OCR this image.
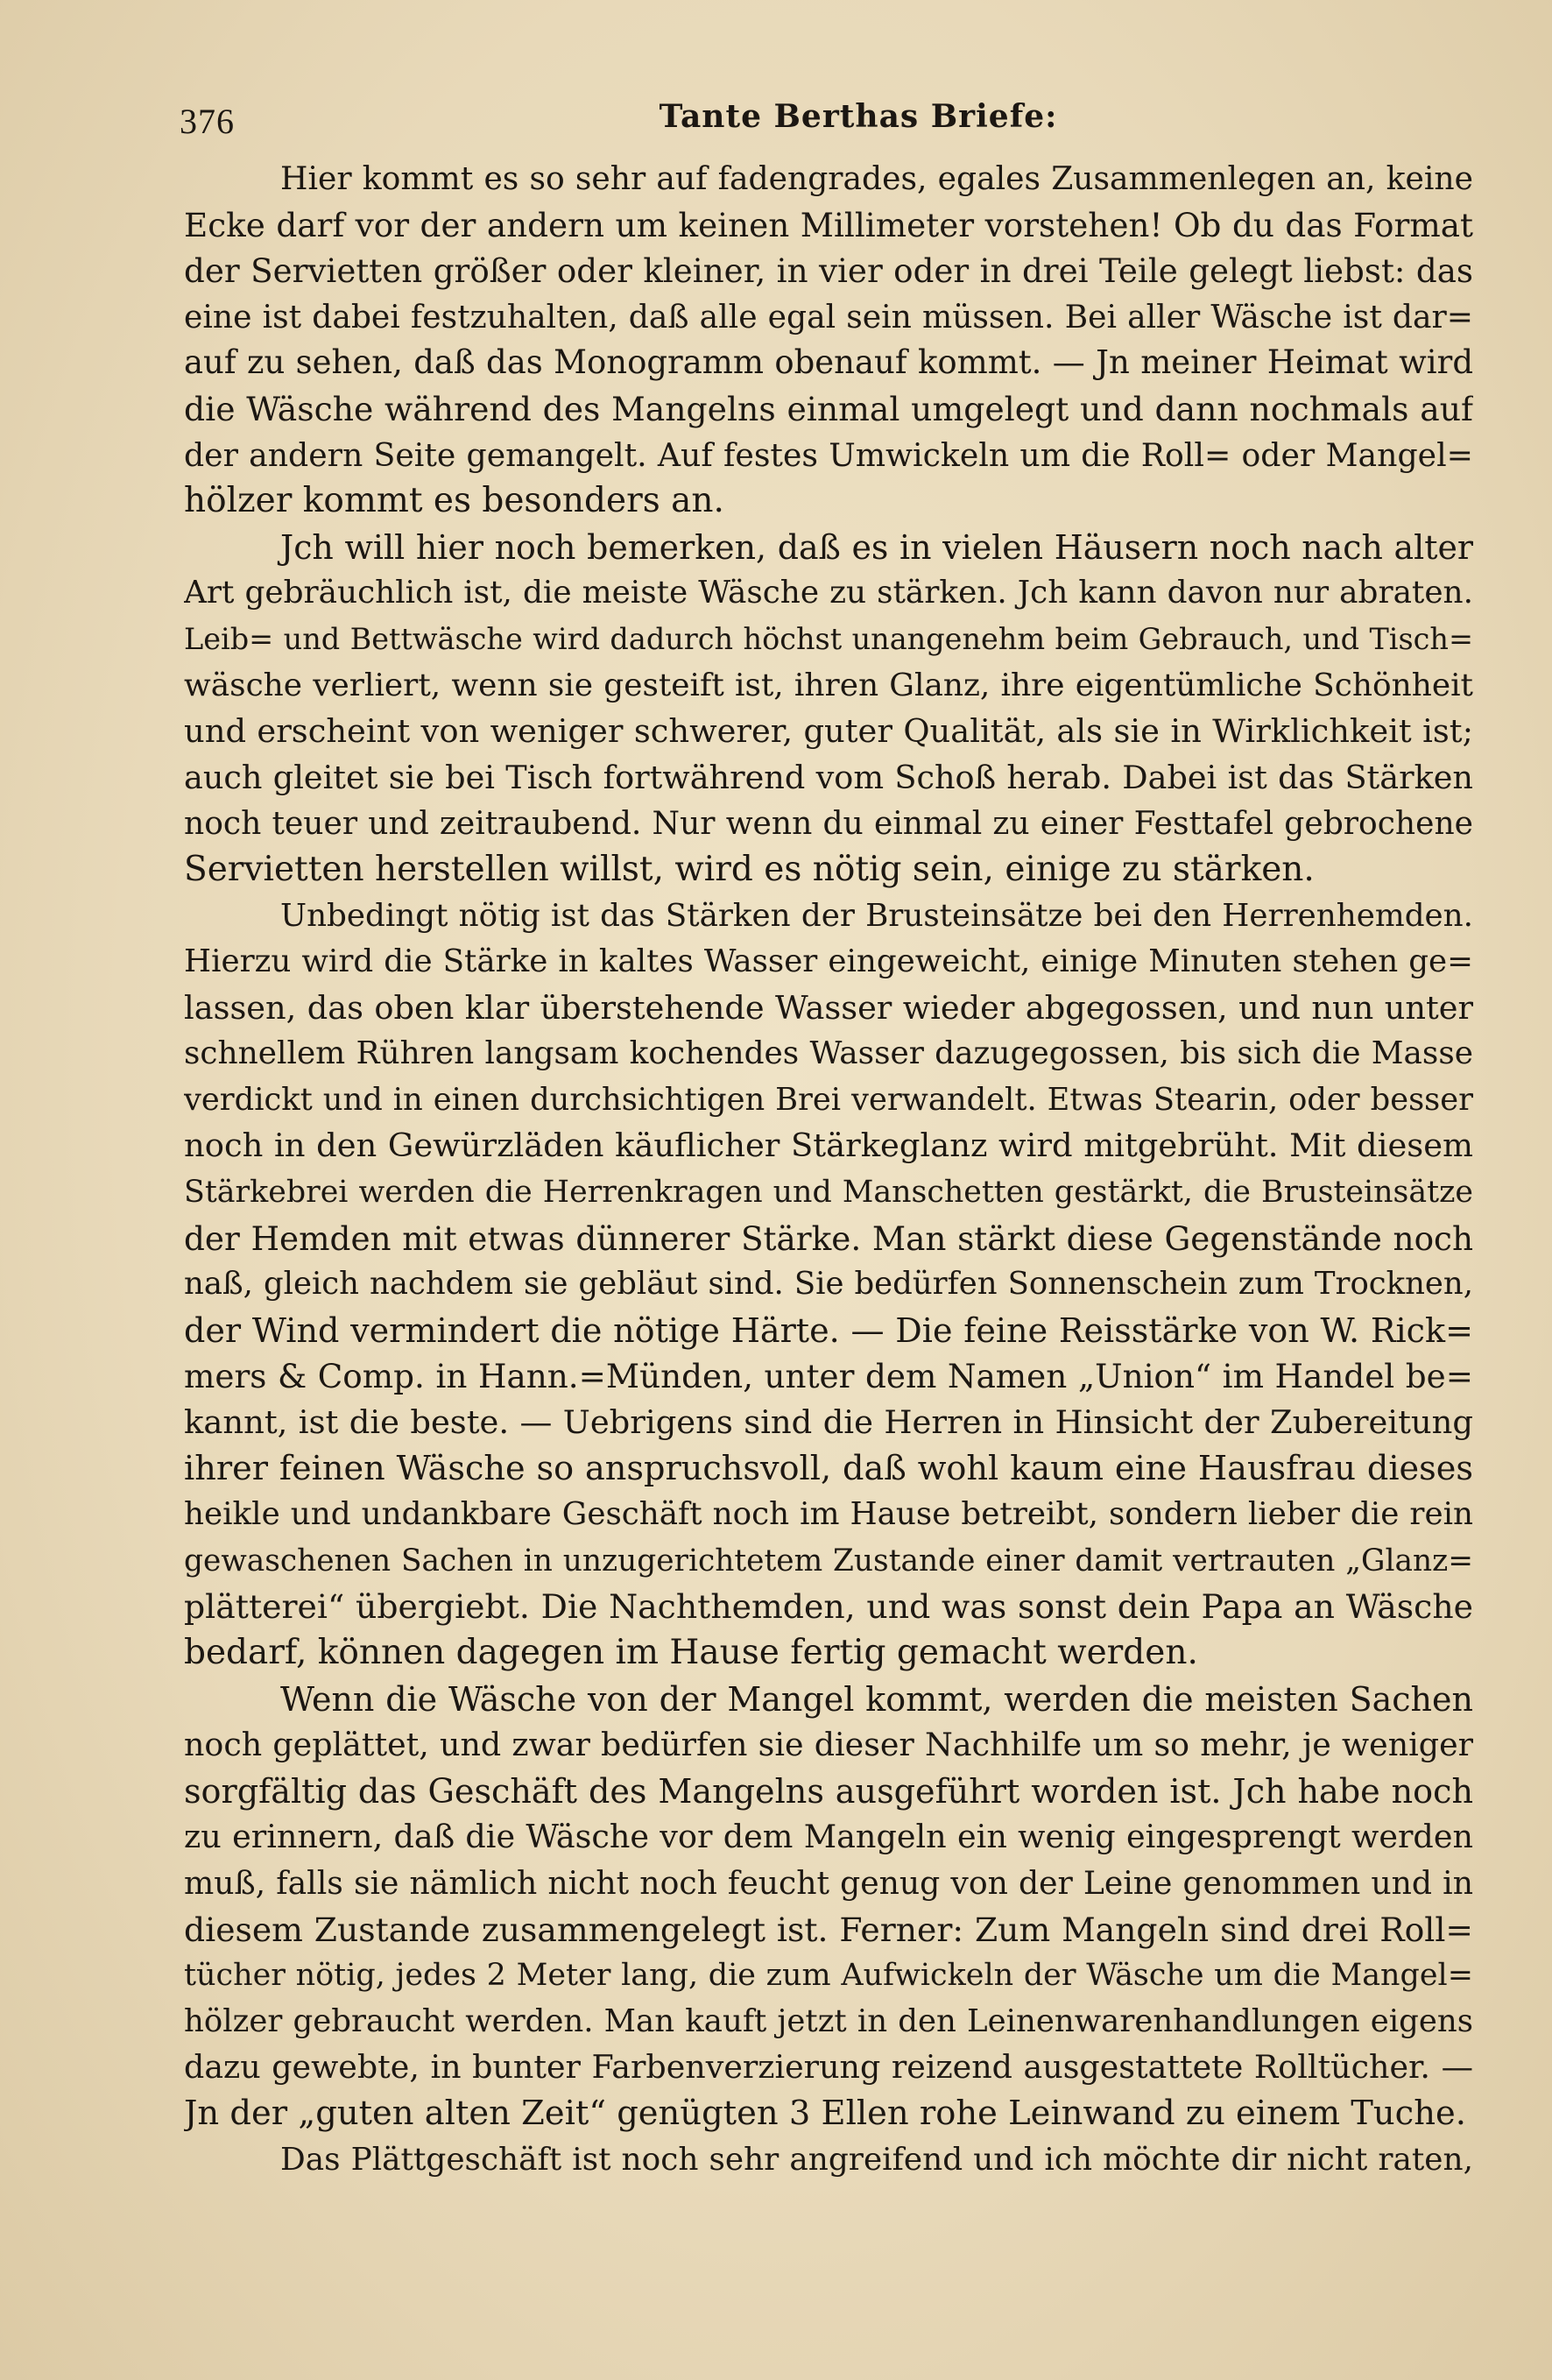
376	Tante Berthas Briefe:
Hier kommt es so sehr auf fadengrades, egales Zusammenlegen an, keine
Ecke darf vor der andern um keinen Millimeter vorstehen! Ob du das Format
der Servietten größer oder kleiner, in vier oder in drei Teile gelegt liebst: das
eine ist dabei festzuhalten, daß alle egal sein müssen. Bei aller Wäsche ist dar=
auf zu sehen, daß das Monogramm obenauf kommt. — Jn meiner Heimat wird
die Wäsche während des Mangelns einmal umgelegt und dann nochmals auf
der andern Seite gemangelt. Auf festes Umwickeln um die Roll= oder Mangel=
hölzer kommt es besonders an.
Jch will hier noch bemerken, daß es in vielen Häusern noch nach alter
Art gebräuchlich ist, die meiste Wäsche zu stärken. Jch kann davon nur abraten.
Leib= und Bettwäsche wird dadurch höchst unangenehm beim Gebrauch, und Tisch=
wäsche verliert, wenn sie gesteift ist, ihren Glanz, ihre eigentümliche Schönheit
und erscheint von weniger schwerer, guter Qualität, als sie in Wirklichkeit ist;
auch gleitet sie bei Tisch fortwährend vom Schoß herab. Dabei ist das Stärken
noch teuer und zeitraubend. Nur wenn du einmal zu einer Festtafel gebrochene
Servietten herstellen willst, wird es nötig sein, einige zu stärken.
Unbedingt nötig ist das Stärken der Brusteinsätze bei den Herrenhemden.
Hierzu wird die Stärke in kaltes Wasser eingeweicht, einige Minuten stehen ge=
lassen, das oben klar überstehende Wasser wieder abgegossen, und nun unter
schnellem Rühren langsam kochendes Wasser dazugegossen, bis sich die Masse
verdickt und in einen durchsichtigen Brei verwandelt. Etwas Stearin, oder besser
noch in den Gewürzläden käuflicher Stärkeglanz wird mitgebrüht. Mit diesem
Stärkebrei werden die Herrenkragen und Manschetten gestärkt, die Brusteinsätze
der Hemden mit etwas dünnerer Stärke. Man stärkt diese Gegenstände noch
naß, gleich nachdem sie gebläut sind. Sie bedürfen Sonnenschein zum Trocknen,
der Wind vermindert die nötige Härte. — Die feine Reisstärke von W. Rick=
mers & Comp. in Hann.=Münden, unter dem Namen „Union“ im Handel be=
kannt, ist die beste. — Uebrigens sind die Herren in Hinsicht der Zubereitung
ihrer feinen Wäsche so anspruchsvoll, daß wohl kaum eine Hausfrau dieses
heikle und undankbare Geschäft noch im Hause betreibt, sondern lieber die rein
gewaschenen Sachen in unzugerichtetem Zustande einer damit vertrauten „Glanz=
plätterei“ übergiebt. Die Nachthemden, und was sonst dein Papa an Wäsche
bedarf, können dagegen im Hause fertig gemacht werden.
Wenn die Wäsche von der Mangel kommt, werden die meisten Sachen
noch geplättet, und zwar bedürfen sie dieser Nachhilfe um so mehr, je weniger
sorgfältig das Geschäft des Mangelns ausgeführt worden ist. Jch habe noch
zu erinnern, daß die Wäsche vor dem Mangeln ein wenig eingesprengt werden
muß, falls sie nämlich nicht noch feucht genug von der Leine genommen und in
diesem Zustande zusammengelegt ist. Ferner: Zum Mangeln sind drei Roll=
tücher nötig, jedes 2 Meter lang, die zum Aufwickeln der Wäsche um die Mangel=
hölzer gebraucht werden. Man kauft jetzt in den Leinenwarenhandlungen eigens
dazu gewebte, in bunter Farbenverzierung reizend ausgestattete Rolltücher. —
Jn der „guten alten Zeit“ genügten 3 Ellen rohe Leinwand zu einem Tuche.
Das Plättgeschäft ist noch sehr angreifend und ich möchte dir nicht raten,
